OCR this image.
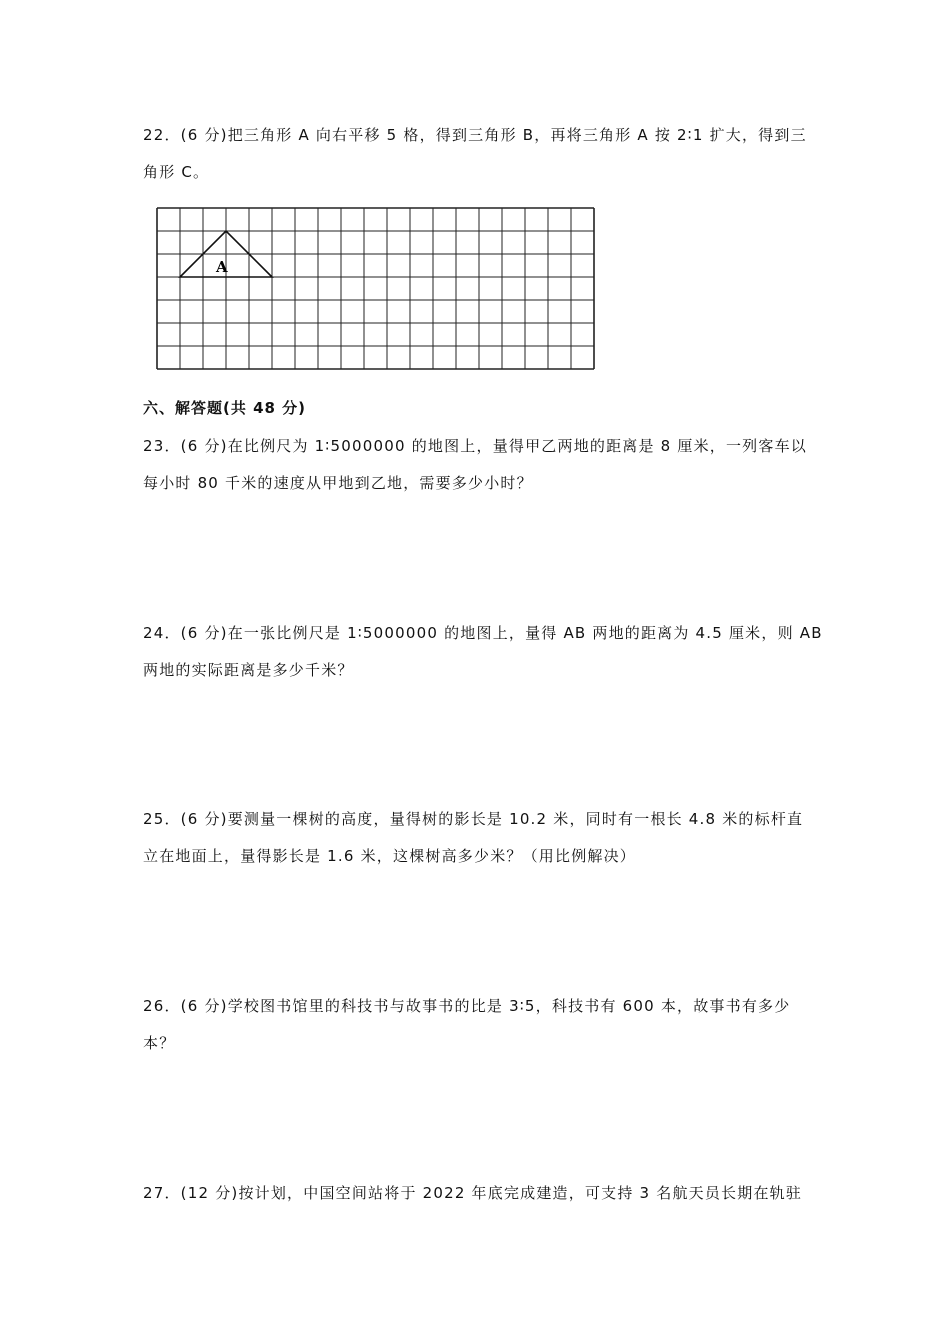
22．(6 分)把三角形 A 向右平移 5 格，得到三角形 B，再将三角形 A 按 2∶1 扩大，得到三
角形 C。
A
六、解答题(共 48 分)
23．(6 分)在比例尺为 1∶5000000 的地图上，量得甲乙两地的距离是 8 厘米，一列客车以
每小时 80 千米的速度从甲地到乙地，需要多少小时？
24．(6 分)在一张比例尺是 1∶5000000 的地图上，量得 AB 两地的距离为 4.5 厘米，则 AB
两地的实际距离是多少千米？
25．(6 分)要测量一棵树的高度，量得树的影长是 10.2 米，同时有一根长 4.8 米的标杆直
立在地面上，量得影长是 1.6 米，这棵树高多少米？（用比例解决）
26．(6 分)学校图书馆里的科技书与故事书的比是 3∶5，科技书有 600 本，故事书有多少
本？
27．(12 分)按计划，中国空间站将于 2022 年底完成建造，可支持 3 名航天员长期在轨驻
